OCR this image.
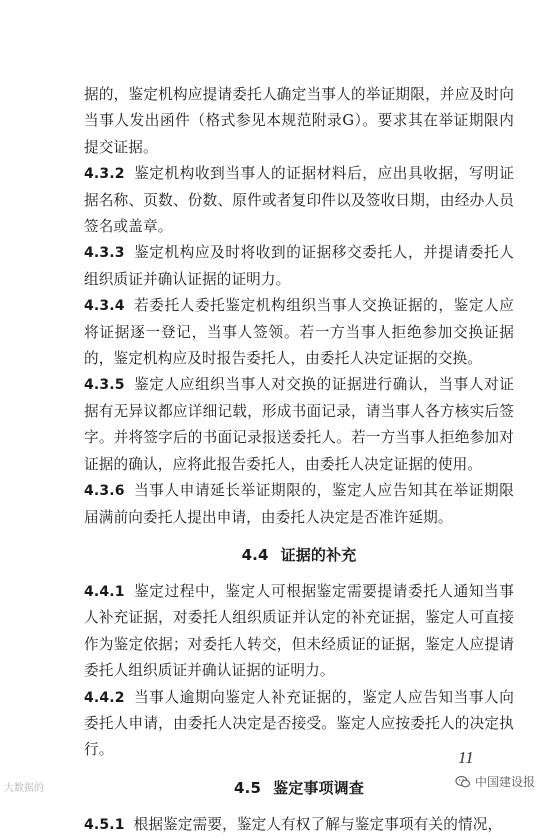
据的，鉴定机构应提请委托人确定当事人的举证期限，并应及时向当事人发出函件（格式参见本规范附录G）。要求其在举证期限内提交证据。

4.3.2 鉴定机构收到当事人的证据材料后，应出具收据，写明证据名称、页数、份数、原件或者复印件以及签收日期，由经办人员签名或盖章。

4.3.3 鉴定机构应及时将收到的证据移交委托人，并提请委托人组织质证并确认证据的证明力。

4.3.4 若委托人委托鉴定机构组织当事人交换证据的，鉴定人应将证据逐一登记，当事人签领。若一方当事人拒绝参加交换证据的，鉴定机构应及时报告委托人，由委托人决定证据的交换。

4.3.5 鉴定人应组织当事人对交换的证据进行确认，当事人对证据有无异议都应详细记载，形成书面记录，请当事人各方核实后签字。并将签字后的书面记录报送委托人。若一方当事人拒绝参加对证据的确认，应将此报告委托人，由委托人决定证据的使用。

4.3.6 当事人申请延长举证期限的，鉴定人应告知其在举证期限届满前向委托人提出申请，由委托人决定是否准许延期。

4.4 证据的补充

4.4.1 鉴定过程中，鉴定人可根据鉴定需要提请委托人通知当事人补充证据，对委托人组织质证并认定的补充证据，鉴定人可直接作为鉴定依据；对委托人转交，但未经质证的证据，鉴定人应提请委托人组织质证并确认证据的证明力。

4.4.2 当事人逾期向鉴定人补充证据的，鉴定人应告知当事人向委托人申请，由委托人决定是否接受。鉴定人应按委托人的决定执行。

4.5 鉴定事项调查

4.5.1 根据鉴定需要，鉴定人有权了解与鉴定事项有关的情况，

11
大数据的	中国建设报
